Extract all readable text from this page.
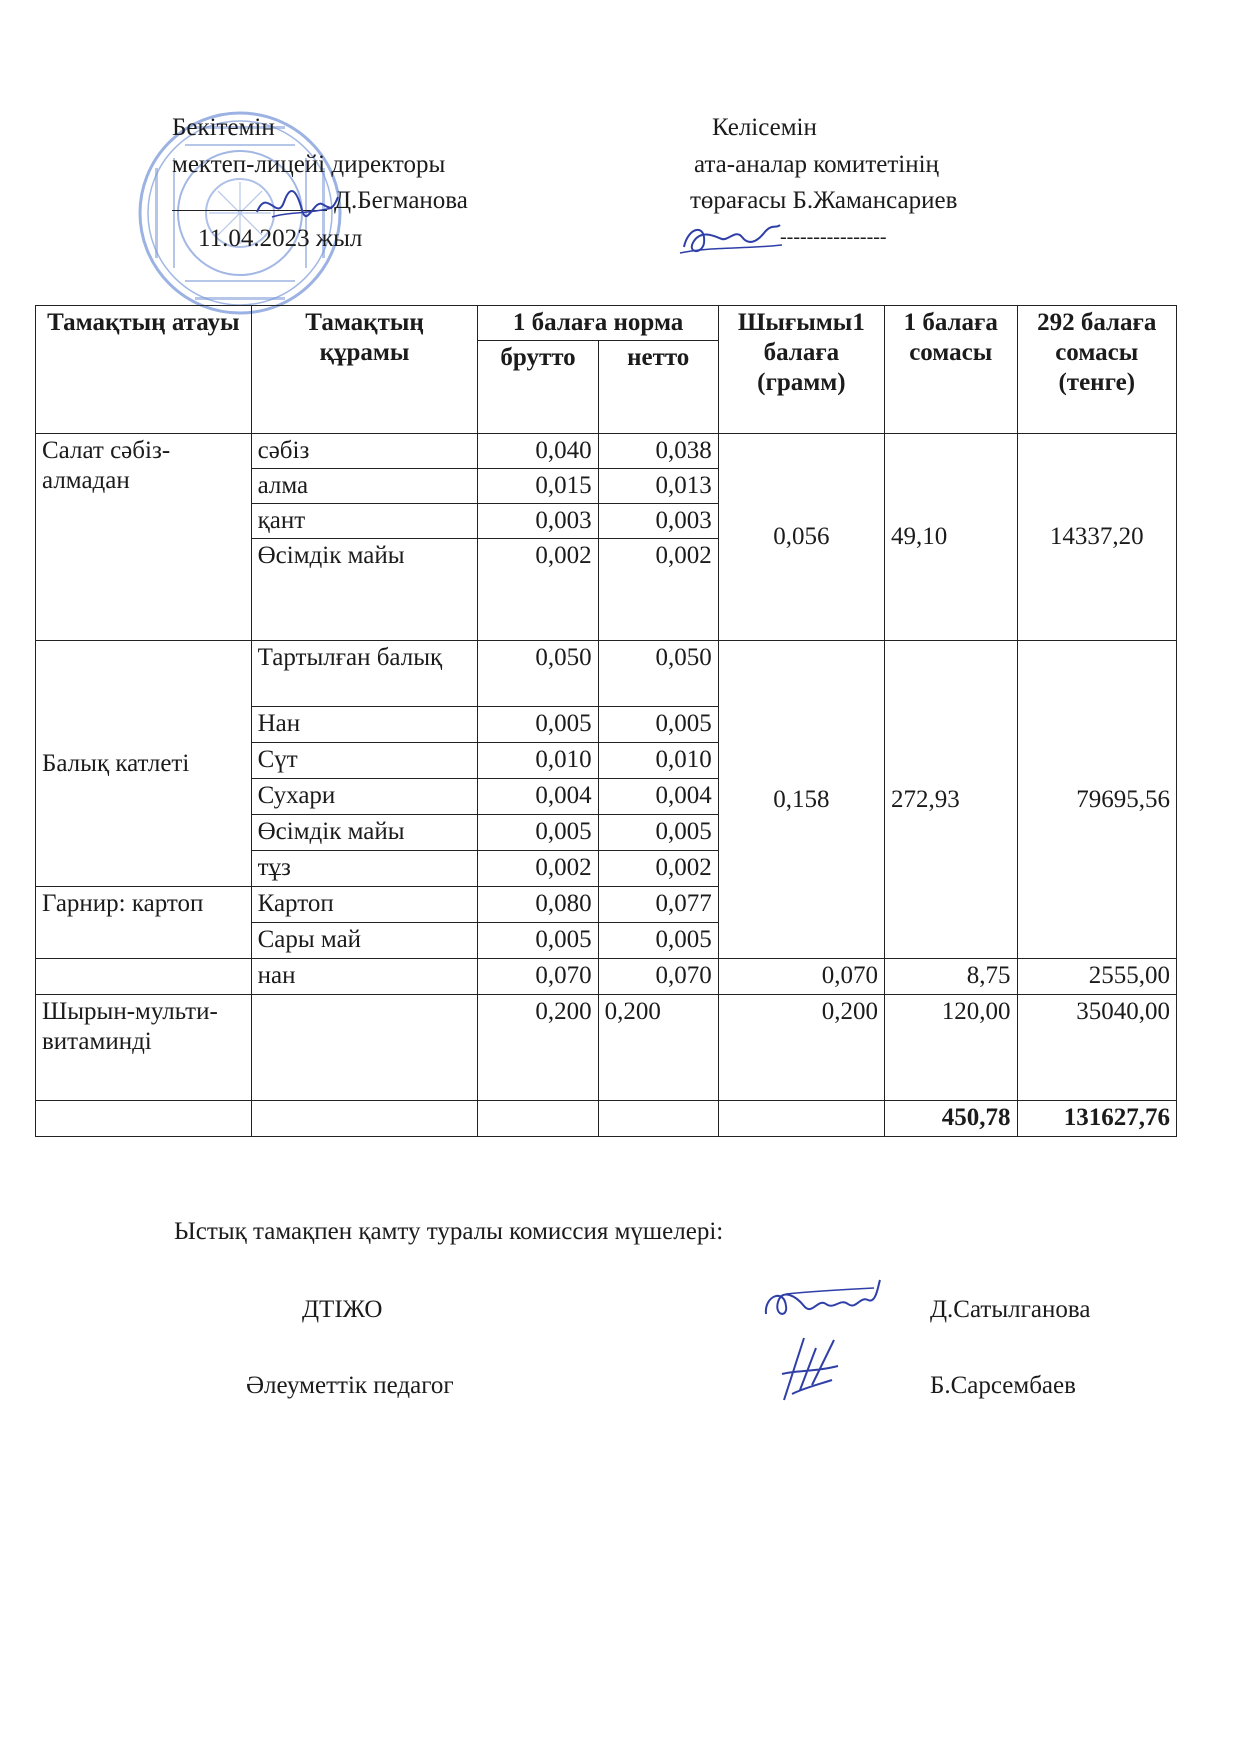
Бекітемін
мектеп-лицейі директоры
Д.Бегманова
11.04.2023 жыл
Келісемін
ата-аналар комитетінің
төрағасы Б.Жамансариев
----------------
Тамақтың атауы	Тамақтың құрамы	1 балаға норма		Шығымы1 балаға (грамм)	1 балаға сомасы	292 балаға сомасы (тенге)
		брутто	нетто			
Салат сәбіз-алмадан	сәбіз	0,040	0,038	0,056	49,10	14337,20
	алма	0,015	0,013			
	қант	0,003	0,003			
	Өсімдік майы	0,002	0,002			
Балық катлеті	Тартылған балық	0,050	0,050	0,158	272,93	79695,56
	Нан	0,005	0,005			
	Сүт	0,010	0,010			
	Сухари	0,004	0,004			
	Өсімдік майы	0,005	0,005			
	тұз	0,002	0,002			
Гарнир: картоп	Картоп	0,080	0,077			
	Сары май	0,005	0,005			
	нан	0,070	0,070	0,070	8,75	2555,00
Шырын-мульти-витаминді		0,200	0,200	0,200	120,00	35040,00
					450,78	131627,76
Ыстық тамақпен қамту туралы комиссия мүшелері:
ДТІЖО	Д.Сатылганова
Әлеуметтік педагог	Б.Сарсембаев
